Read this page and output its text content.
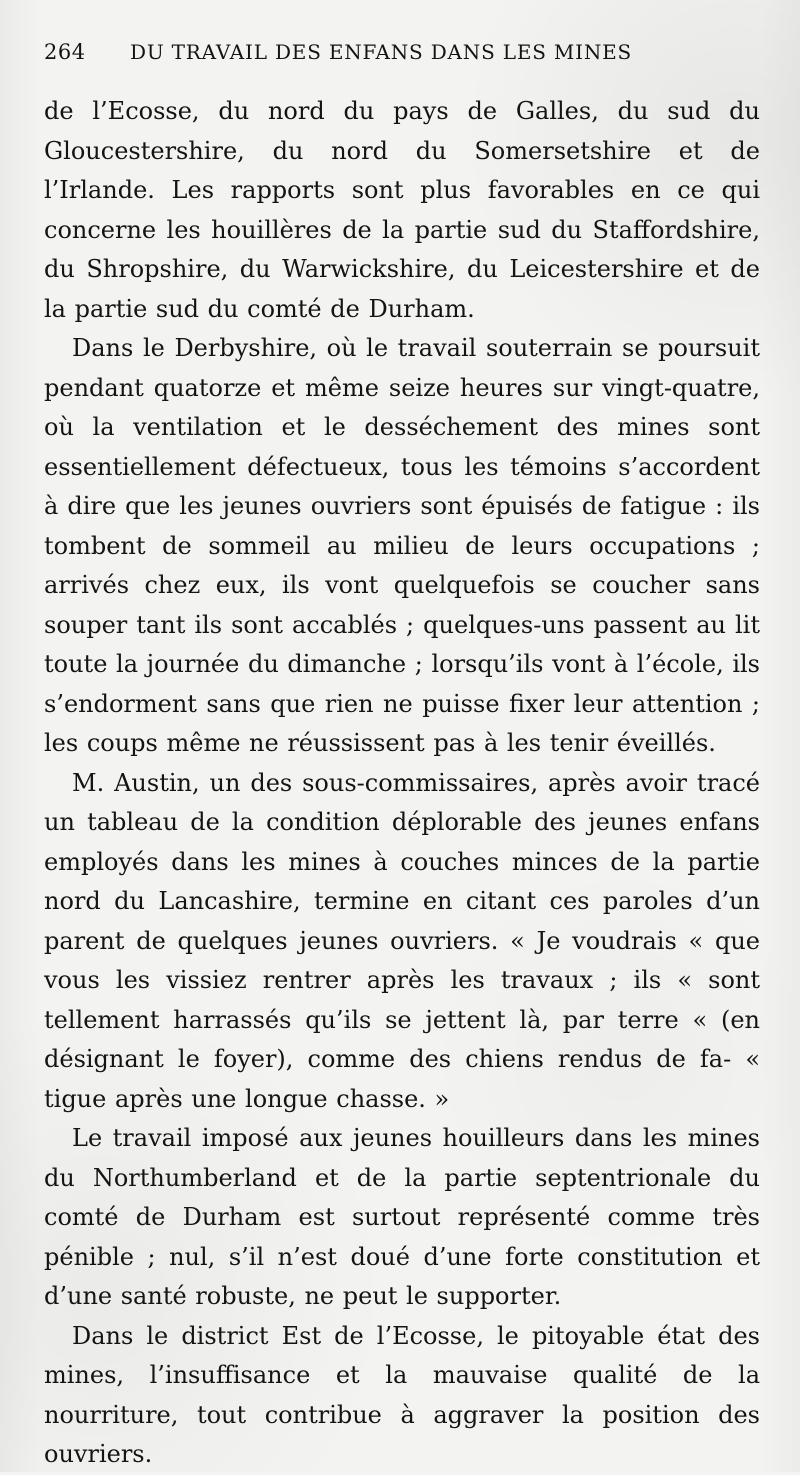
264	DU TRAVAIL DES ENFANS DANS LES MINES

de l’Ecosse, du nord du pays de Galles, du sud du Gloucestershire, du nord du Somersetshire et de l’Irlande. Les rapports sont plus favorables en ce qui concerne les houillères de la partie sud du Staffordshire, du Shropshire, du Warwickshire, du Leicestershire et de la partie sud du comté de Durham.

Dans le Derbyshire, où le travail souterrain se poursuit pendant quatorze et même seize heures sur vingt-quatre, où la ventilation et le desséchement des mines sont essentiellement défectueux, tous les témoins s’accordent à dire que les jeunes ouvriers sont épuisés de fatigue : ils tombent de sommeil au milieu de leurs occupations ; arrivés chez eux, ils vont quelquefois se coucher sans souper tant ils sont accablés ; quelques-uns passent au lit toute la journée du dimanche ; lorsqu’ils vont à l’école, ils s’endorment sans que rien ne puisse fixer leur attention ; les coups même ne réussissent pas à les tenir éveillés.

M. Austin, un des sous-commissaires, après avoir tracé un tableau de la condition déplorable des jeunes enfans employés dans les mines à couches minces de la partie nord du Lancashire, termine en citant ces paroles d’un parent de quelques jeunes ouvriers. « Je voudrais « que vous les vissiez rentrer après les travaux ; ils « sont tellement harrassés qu’ils se jettent là, par terre « (en désignant le foyer), comme des chiens rendus de fa- « tigue après une longue chasse. »

Le travail imposé aux jeunes houilleurs dans les mines du Northumberland et de la partie septentrionale du comté de Durham est surtout représenté comme très pénible ; nul, s’il n’est doué d’une forte constitution et d’une santé robuste, ne peut le supporter.

Dans le district Est de l’Ecosse, le pitoyable état des mines, l’insuffisance et la mauvaise qualité de la nourriture, tout contribue à aggraver la position des ouvriers.
